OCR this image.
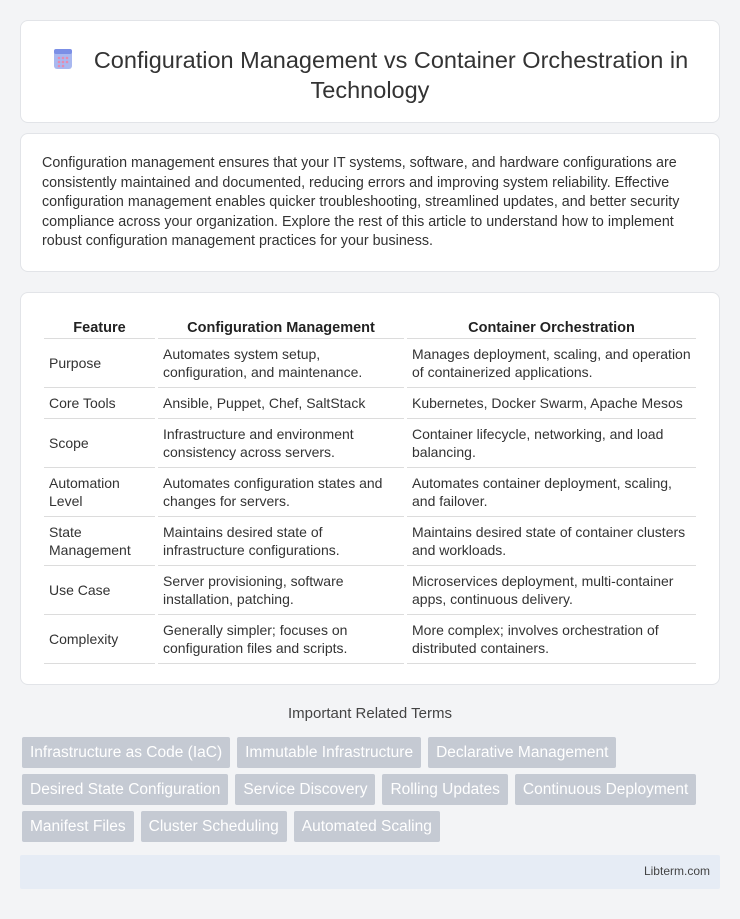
Configuration Management vs Container Orchestration in Technology

Configuration management ensures that your IT systems, software, and hardware configurations are consistently maintained and documented, reducing errors and improving system reliability. Effective configuration management enables quicker troubleshooting, streamlined updates, and better security compliance across your organization. Explore the rest of this article to understand how to implement robust configuration management practices for your business.

Feature	Configuration Management	Container Orchestration
Purpose	Automates system setup, configuration, and maintenance.	Manages deployment, scaling, and operation of containerized applications.
Core Tools	Ansible, Puppet, Chef, SaltStack	Kubernetes, Docker Swarm, Apache Mesos
Scope	Infrastructure and environment consistency across servers.	Container lifecycle, networking, and load balancing.
Automation Level	Automates configuration states and changes for servers.	Automates container deployment, scaling, and failover.
State Management	Maintains desired state of infrastructure configurations.	Maintains desired state of container clusters and workloads.
Use Case	Server provisioning, software installation, patching.	Microservices deployment, multi-container apps, continuous delivery.
Complexity	Generally simpler; focuses on configuration files and scripts.	More complex; involves orchestration of distributed containers.
Important Related Terms
Infrastructure as Code (IaC)	Immutable Infrastructure	Declarative Management
Desired State Configuration	Service Discovery	Rolling Updates	Continuous Deployment
Manifest Files	Cluster Scheduling	Automated Scaling
Libterm.com
